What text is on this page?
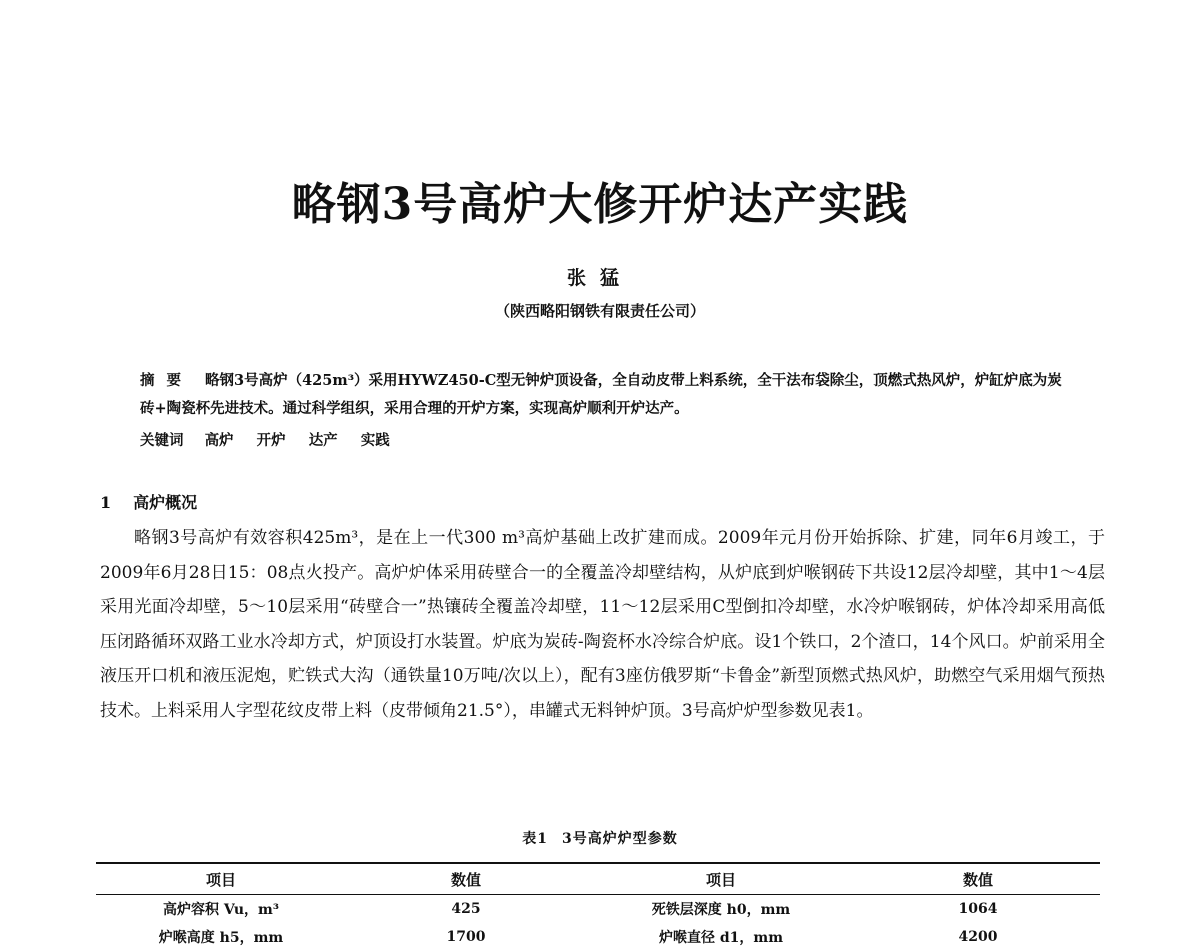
略钢3号高炉大修开炉达产实践
张猛
（陕西略阳钢铁有限责任公司）
摘要 略钢3号高炉（425m³）采用HYWZ450-C型无钟炉顶设备，全自动皮带上料系统，全干法布袋除尘，顶燃式热风炉，炉缸炉底为炭砖+陶瓷杯先进技术。通过科学组织，采用合理的开炉方案，实现高炉顺利开炉达产。
关键词 高炉 开炉 达产 实践
1 高炉概况
略钢3号高炉有效容积425m³，是在上一代300 m³高炉基础上改扩建而成。2009年元月份开始拆除、扩建，同年6月竣工，于2009年6月28日15：08点火投产。高炉炉体采用砖壁合一的全覆盖冷却壁结构，从炉底到炉喉钢砖下共设12层冷却壁，其中1～4层采用光面冷却壁，5～10层采用“砖壁合一”热镶砖全覆盖冷却壁，11～12层采用C型倒扣冷却壁，水冷炉喉钢砖，炉体冷却采用高低压闭路循环双路工业水冷却方式，炉顶设打水装置。炉底为炭砖-陶瓷杯水冷综合炉底。设1个铁口，2个渣口，14个风口。炉前采用全液压开口机和液压泥炮，贮铁式大沟（通铁量10万吨/次以上），配有3座仿俄罗斯“卡鲁金”新型顶燃式热风炉，助燃空气采用烟气预热技术。上料采用人字型花纹皮带上料（皮带倾角21.5°），串罐式无料钟炉顶。3号高炉炉型参数见表1。
表1 3号高炉炉型参数
项目	数值	项目	数值
高炉容积 Vu，m³	425	死铁层深度 h0，mm	1064
炉喉高度 h5，mm	1700	炉喉直径 d1，mm	4200
